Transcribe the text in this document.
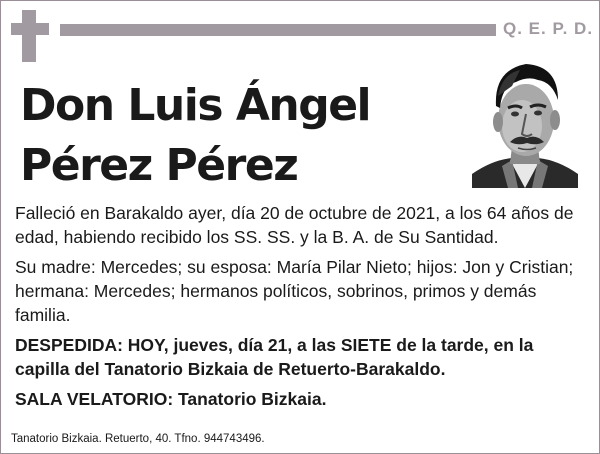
Q. E. P. D.
Don Luis Ángel
Pérez Pérez

Falleció en Barakaldo ayer, día 20 de octubre de 2021, a los 64 años de edad, habiendo recibido los SS. SS. y la B. A. de Su Santidad.

Su madre: Mercedes; su esposa: María Pilar Nieto; hijos: Jon y Cristian; hermana: Mercedes; hermanos políticos, sobrinos, primos y demás familia.

DESPEDIDA: HOY, jueves, día 21, a las SIETE de la tarde, en la capilla del Tanatorio Bizkaia de Retuerto-Barakaldo.

SALA VELATORIO: Tanatorio Bizkaia.

Tanatorio Bizkaia. Retuerto, 40. Tfno. 944743496.
